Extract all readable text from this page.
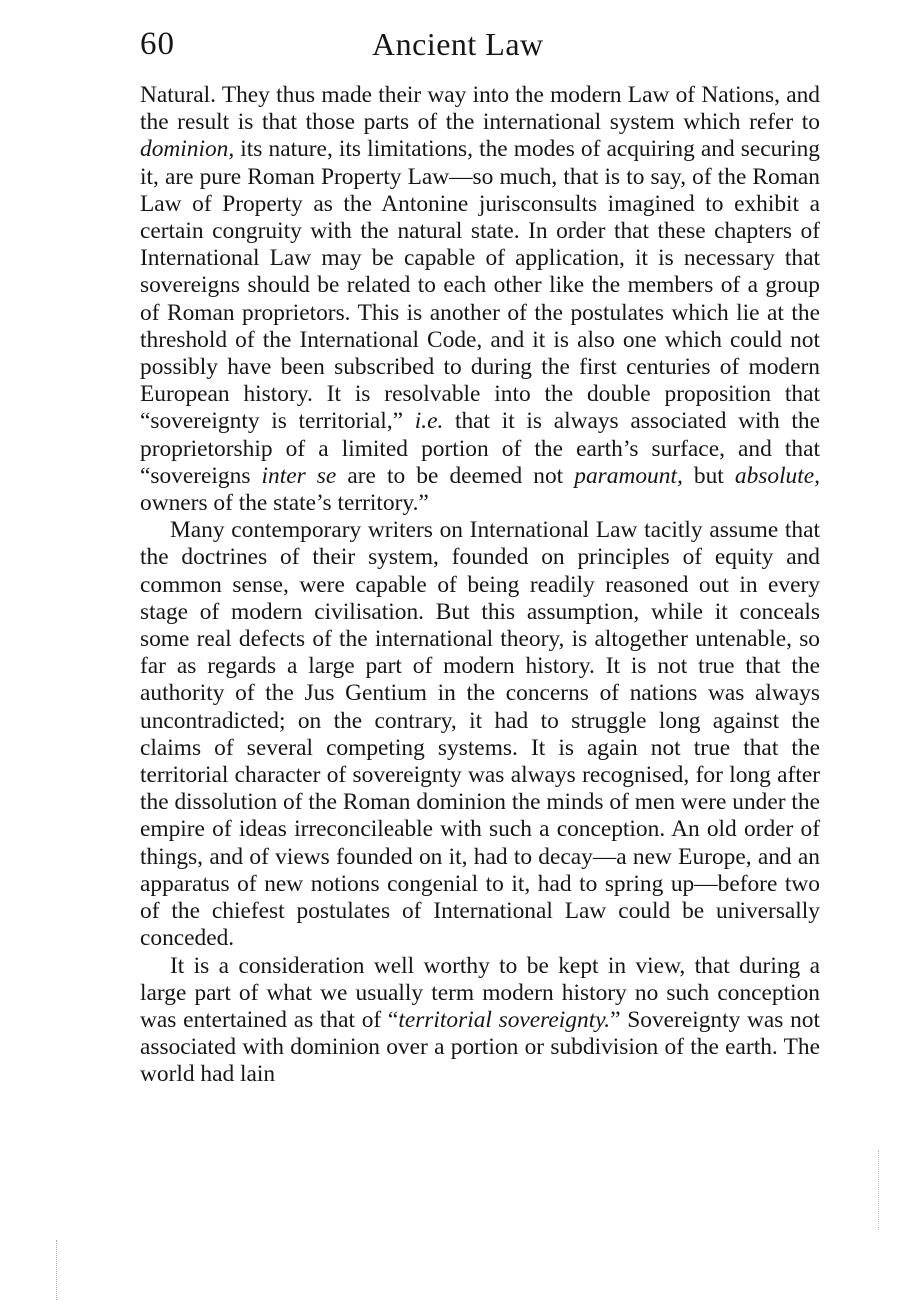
60	Ancient Law

Natural. They thus made their way into the modern Law of Nations, and the result is that those parts of the international system which refer to dominion, its nature, its limitations, the modes of acquiring and securing it, are pure Roman Property Law—so much, that is to say, of the Roman Law of Property as the Antonine jurisconsults imagined to exhibit a certain congruity with the natural state. In order that these chapters of International Law may be capable of application, it is necessary that sovereigns should be related to each other like the members of a group of Roman proprietors. This is another of the postulates which lie at the threshold of the International Code, and it is also one which could not possibly have been subscribed to during the first centuries of modern European history. It is resolvable into the double proposition that “sovereignty is territorial,” i.e. that it is always associated with the proprietorship of a limited portion of the earth’s surface, and that “sovereigns inter se are to be deemed not paramount, but absolute, owners of the state’s territory.”

Many contemporary writers on International Law tacitly assume that the doctrines of their system, founded on principles of equity and common sense, were capable of being readily reasoned out in every stage of modern civilisation. But this assumption, while it conceals some real defects of the international theory, is altogether untenable, so far as regards a large part of modern history. It is not true that the authority of the Jus Gentium in the concerns of nations was always uncontradicted; on the contrary, it had to struggle long against the claims of several competing systems. It is again not true that the territorial character of sovereignty was always recognised, for long after the dissolution of the Roman dominion the minds of men were under the empire of ideas irreconcileable with such a conception. An old order of things, and of views founded on it, had to decay—a new Europe, and an apparatus of new notions congenial to it, had to spring up—before two of the chiefest postulates of International Law could be universally conceded.

It is a consideration well worthy to be kept in view, that during a large part of what we usually term modern history no such conception was entertained as that of “territorial sovereignty.” Sovereignty was not associated with dominion over a portion or subdivision of the earth. The world had lain
